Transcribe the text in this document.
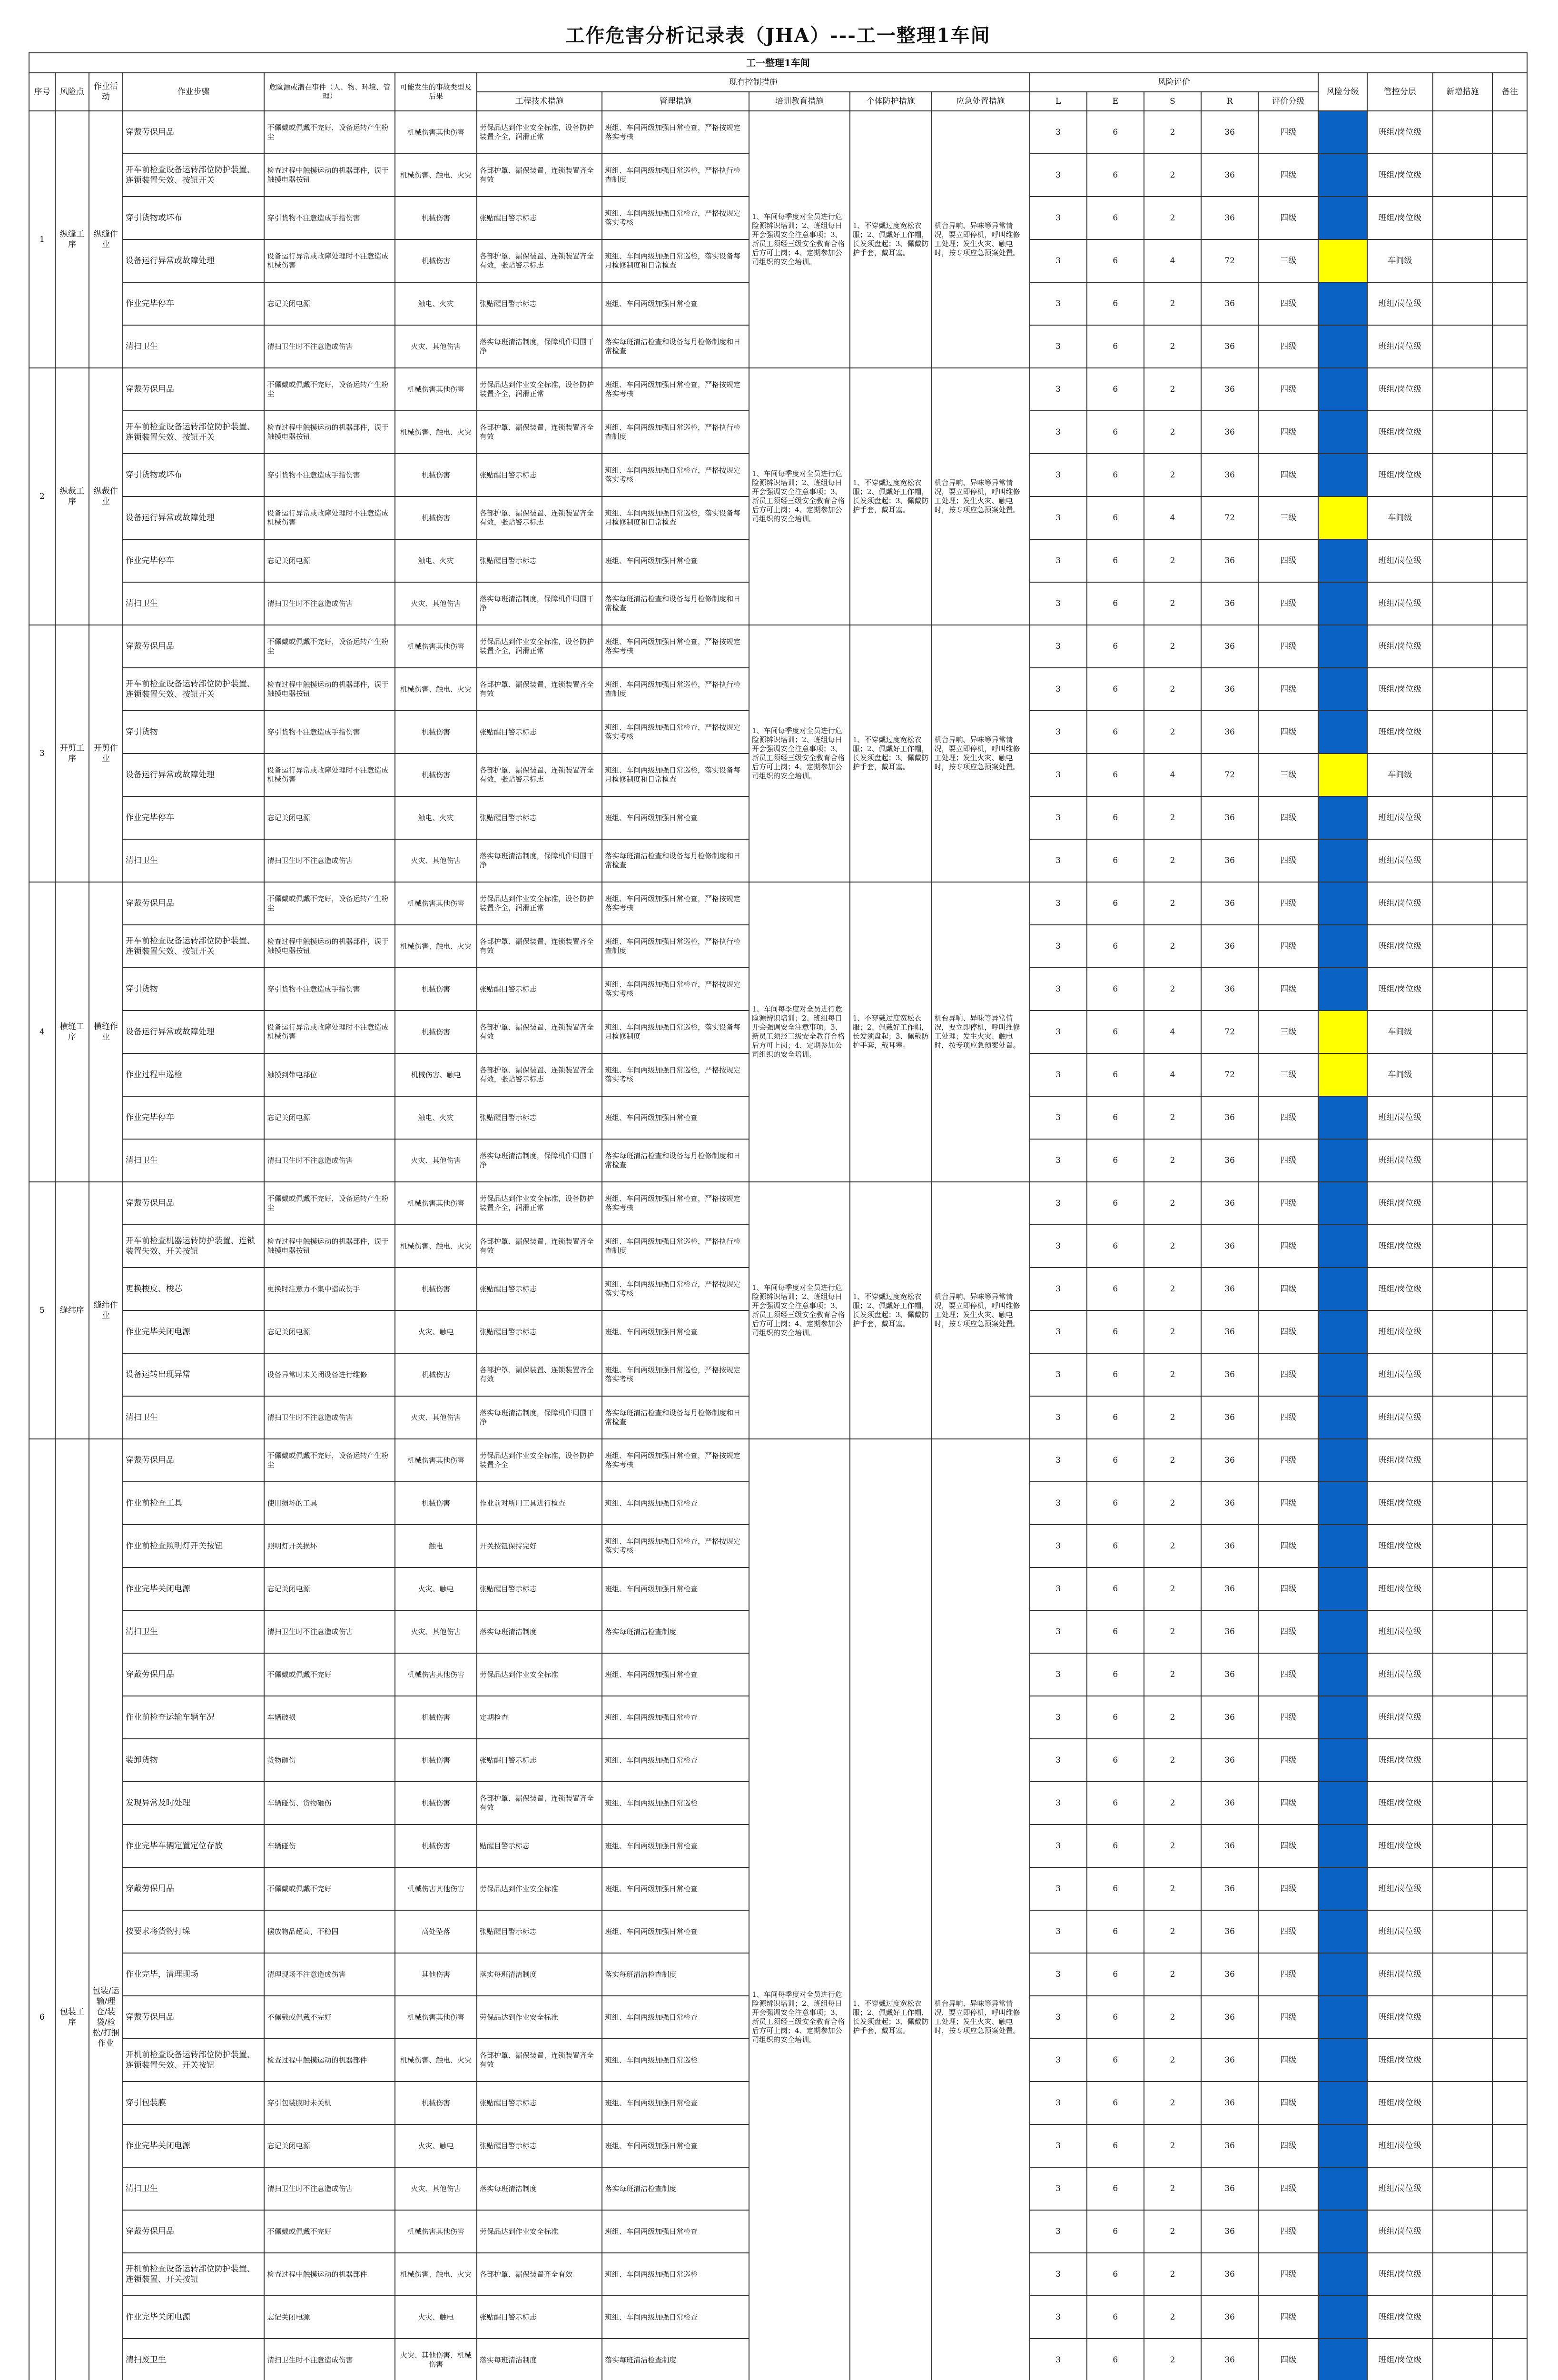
工作危害分析记录表（JHA）---工一整理1车间
工一整理1车间																			
序号	风险点	作业活动	作业步骤	危险源或潜在事件（人、物、环境、管理）	可能发生的事故类型及后果	现有控制措施					风险评价					风险分级	管控分层	新增措施	备注
						工程技术措施	管理措施	培训教育措施	个体防护措施	应急处置措施	L	E	S	R	评价分级				
1	纵缝工序	纵缝作业	穿戴劳保用品	不佩戴或佩戴不完好，设备运转产生粉尘	机械伤害其他伤害	劳保品达到作业安全标准，设备防护装置齐全，润滑正常	班组、车间两级加强日常检查，严格按规定落实考核	1、车间每季度对全员进行危险源辨识培训；2、班组每日开会强调安全注意事项；3、新员工须经三级安全教育合格后方可上岗；4、定期参加公司组织的安全培训。	1、不穿戴过度宽松衣服；2、佩戴好工作帽，长发须盘起；3、佩戴防护手套，戴耳塞。	机台异响、异味等异常情况，要立即停机，呼叫维修工处理；发生火灾、触电时，按专项应急预案处置。	3	6	2	36	四级		班组/岗位级		
			开车前检查设备运转部位防护装置、连锁装置失效、按钮开关	检查过程中触摸运动的机器部件，误于触摸电器按钮	机械伤害、触电、火灾	各部护罩、漏保装置、连锁装置齐全有效	班组、车间两级加强日常巡检，严格执行检查制度				3	6	2	36	四级		班组/岗位级		
			穿引货物或坏布	穿引货物不注意造成手指伤害	机械伤害	张贴醒目警示标志	班组、车间两级加强日常检查，严格按规定落实考核				3	6	2	36	四级		班组/岗位级		
			设备运行异常或故障处理	设备运行异常或故障处理时不注意造成机械伤害	机械伤害	各部护罩、漏保装置、连锁装置齐全有效，张贴警示标志	班组、车间两级加强日常巡检，落实设备每月检修制度和日常检查				3	6	4	72	三级		车间级		
			作业完毕停车	忘记关闭电源	触电、火灾	张贴醒目警示标志	班组、车间两级加强日常检查				3	6	2	36	四级		班组/岗位级		
			清扫卫生	清扫卫生时不注意造成伤害	火灾、其他伤害	落实每班清洁制度，保障机件周围干净	落实每班清洁检查和设备每月检修制度和日常检查				3	6	2	36	四级		班组/岗位级		
2	纵裁工序	纵裁作业	穿戴劳保用品	不佩戴或佩戴不完好，设备运转产生粉尘	机械伤害其他伤害	劳保品达到作业安全标准，设备防护装置齐全，润滑正常	班组、车间两级加强日常检查，严格按规定落实考核	1、车间每季度对全员进行危险源辨识培训；2、班组每日开会强调安全注意事项；3、新员工须经三级安全教育合格后方可上岗；4、定期参加公司组织的安全培训。	1、不穿戴过度宽松衣服；2、佩戴好工作帽，长发须盘起；3、佩戴防护手套，戴耳塞。	机台异响、异味等异常情况，要立即停机，呼叫维修工处理；发生火灾、触电时，按专项应急预案处置。	3	6	2	36	四级		班组/岗位级		
			开车前检查设备运转部位防护装置、连锁装置失效、按钮开关	检查过程中触摸运动的机器部件，误于触摸电器按钮	机械伤害、触电、火灾	各部护罩、漏保装置、连锁装置齐全有效	班组、车间两级加强日常巡检，严格执行检查制度				3	6	2	36	四级		班组/岗位级		
			穿引货物或坏布	穿引货物不注意造成手指伤害	机械伤害	张贴醒目警示标志	班组、车间两级加强日常检查，严格按规定落实考核				3	6	2	36	四级		班组/岗位级		
			设备运行异常或故障处理	设备运行异常或故障处理时不注意造成机械伤害	机械伤害	各部护罩、漏保装置、连锁装置齐全有效，张贴警示标志	班组、车间两级加强日常巡检，落实设备每月检修制度和日常检查				3	6	4	72	三级		车间级		
			作业完毕停车	忘记关闭电源	触电、火灾	张贴醒目警示标志	班组、车间两级加强日常检查				3	6	2	36	四级		班组/岗位级		
			清扫卫生	清扫卫生时不注意造成伤害	火灾、其他伤害	落实每班清洁制度，保障机件周围干净	落实每班清洁检查和设备每月检修制度和日常检查				3	6	2	36	四级		班组/岗位级		
3	开剪工序	开剪作业	穿戴劳保用品	不佩戴或佩戴不完好，设备运转产生粉尘	机械伤害其他伤害	劳保品达到作业安全标准，设备防护装置齐全，润滑正常	班组、车间两级加强日常检查，严格按规定落实考核	1、车间每季度对全员进行危险源辨识培训；2、班组每日开会强调安全注意事项；3、新员工须经三级安全教育合格后方可上岗；4、定期参加公司组织的安全培训。	1、不穿戴过度宽松衣服；2、佩戴好工作帽，长发须盘起；3、佩戴防护手套，戴耳塞。	机台异响、异味等异常情况，要立即停机，呼叫维修工处理；发生火灾、触电时，按专项应急预案处置。	3	6	2	36	四级		班组/岗位级		
			开车前检查设备运转部位防护装置、连锁装置失效、按钮开关	检查过程中触摸运动的机器部件，误于触摸电器按钮	机械伤害、触电、火灾	各部护罩、漏保装置、连锁装置齐全有效	班组、车间两级加强日常巡检，严格执行检查制度				3	6	2	36	四级		班组/岗位级		
			穿引货物	穿引货物不注意造成手指伤害	机械伤害	张贴醒目警示标志	班组、车间两级加强日常检查，严格按规定落实考核				3	6	2	36	四级		班组/岗位级		
			设备运行异常或故障处理	设备运行异常或故障处理时不注意造成机械伤害	机械伤害	各部护罩、漏保装置、连锁装置齐全有效，张贴警示标志	班组、车间两级加强日常巡检，落实设备每月检修制度和日常检查				3	6	4	72	三级		车间级		
			作业完毕停车	忘记关闭电源	触电、火灾	张贴醒目警示标志	班组、车间两级加强日常检查				3	6	2	36	四级		班组/岗位级		
			清扫卫生	清扫卫生时不注意造成伤害	火灾、其他伤害	落实每班清洁制度，保障机件周围干净	落实每班清洁检查和设备每月检修制度和日常检查				3	6	2	36	四级		班组/岗位级		
4	横缝工序	横缝作业	穿戴劳保用品	不佩戴或佩戴不完好，设备运转产生粉尘	机械伤害其他伤害	劳保品达到作业安全标准，设备防护装置齐全，润滑正常	班组、车间两级加强日常检查，严格按规定落实考核	1、车间每季度对全员进行危险源辨识培训；2、班组每日开会强调安全注意事项；3、新员工须经三级安全教育合格后方可上岗；4、定期参加公司组织的安全培训。	1、不穿戴过度宽松衣服；2、佩戴好工作帽，长发须盘起；3、佩戴防护手套，戴耳塞。	机台异响、异味等异常情况，要立即停机，呼叫维修工处理；发生火灾、触电时，按专项应急预案处置。	3	6	2	36	四级		班组/岗位级		
			开车前检查设备运转部位防护装置、连锁装置失效、按钮开关	检查过程中触摸运动的机器部件，误于触摸电器按钮	机械伤害、触电、火灾	各部护罩、漏保装置、连锁装置齐全有效	班组、车间两级加强日常巡检，严格执行检查制度				3	6	2	36	四级		班组/岗位级		
			穿引货物	穿引货物不注意造成手指伤害	机械伤害	张贴醒目警示标志	班组、车间两级加强日常检查，严格按规定落实考核				3	6	2	36	四级		班组/岗位级		
			设备运行异常或故障处理	设备运行异常或故障处理时不注意造成机械伤害	机械伤害	各部护罩、漏保装置、连锁装置齐全有效	班组、车间两级加强日常巡检，落实设备每月检修制度				3	6	4	72	三级		车间级		
			作业过程中巡检	触摸到带电部位	机械伤害、触电	各部护罩、漏保装置、连锁装置齐全有效，张贴警示标志	班组、车间两级加强日常巡检，严格按规定落实考核				3	6	4	72	三级		车间级		
			作业完毕停车	忘记关闭电源	触电、火灾	张贴醒目警示标志	班组、车间两级加强日常检查				3	6	2	36	四级		班组/岗位级		
			清扫卫生	清扫卫生时不注意造成伤害	火灾、其他伤害	落实每班清洁制度，保障机件周围干净	落实每班清洁检查和设备每月检修制度和日常检查				3	6	2	36	四级		班组/岗位级		
5	缝纬序	缝纬作业	穿戴劳保用品	不佩戴或佩戴不完好，设备运转产生粉尘	机械伤害其他伤害	劳保品达到作业安全标准，设备防护装置齐全，润滑正常	班组、车间两级加强日常检查，严格按规定落实考核	1、车间每季度对全员进行危险源辨识培训；2、班组每日开会强调安全注意事项；3、新员工须经三级安全教育合格后方可上岗；4、定期参加公司组织的安全培训。	1、不穿戴过度宽松衣服；2、佩戴好工作帽，长发须盘起；3、佩戴防护手套，戴耳塞。	机台异响、异味等异常情况，要立即停机，呼叫维修工处理；发生火灾、触电时，按专项应急预案处置。	3	6	2	36	四级		班组/岗位级		
			开车前检查机器运转防护装置、连锁装置失效、开关按钮	检查过程中触摸运动的机器部件，误于触摸电器按钮	机械伤害、触电、火灾	各部护罩、漏保装置、连锁装置齐全有效	班组、车间两级加强日常巡检，严格执行检查制度				3	6	2	36	四级		班组/岗位级		
			更换梭皮、梭芯	更换时注意力不集中造成伤手	机械伤害	张贴醒目警示标志	班组、车间两级加强日常检查，严格按规定落实考核				3	6	2	36	四级		班组/岗位级		
			作业完毕关闭电源	忘记关闭电源	火灾、触电	张贴醒目警示标志	班组、车间两级加强日常检查				3	6	2	36	四级		班组/岗位级		
			设备运转出现异常	设备异常时未关闭设备进行维修	机械伤害	各部护罩、漏保装置、连锁装置齐全有效	班组、车间两级加强日常巡检，严格按规定落实考核				3	6	2	36	四级		班组/岗位级		
			清扫卫生	清扫卫生时不注意造成伤害	火灾、其他伤害	落实每班清洁制度，保障机件周围干净	落实每班清洁检查和设备每月检修制度和日常检查				3	6	2	36	四级		班组/岗位级		
6	包装工序	包装/运输/理仓/装袋/检松/打捆作业	穿戴劳保用品	不佩戴或佩戴不完好，设备运转产生粉尘	机械伤害其他伤害	劳保品达到作业安全标准，设备防护装置齐全	班组、车间两级加强日常检查，严格按规定落实考核	1、车间每季度对全员进行危险源辨识培训；2、班组每日开会强调安全注意事项；3、新员工须经三级安全教育合格后方可上岗；4、定期参加公司组织的安全培训。	1、不穿戴过度宽松衣服；2、佩戴好工作帽，长发须盘起；3、佩戴防护手套，戴耳塞。	机台异响、异味等异常情况，要立即停机，呼叫维修工处理；发生火灾、触电时，按专项应急预案处置。	3	6	2	36	四级		班组/岗位级		
			作业前检查工具	使用损坏的工具	机械伤害	作业前对所用工具进行检查	班组、车间两级加强日常检查				3	6	2	36	四级		班组/岗位级		
			作业前检查照明灯开关按钮	照明灯开关损坏	触电	开关按钮保持完好	班组、车间两级加强日常检查，严格按规定落实考核				3	6	2	36	四级		班组/岗位级		
			作业完毕关闭电源	忘记关闭电源	火灾、触电	张贴醒目警示标志	班组、车间两级加强日常检查				3	6	2	36	四级		班组/岗位级		
			清扫卫生	清扫卫生时不注意造成伤害	火灾、其他伤害	落实每班清洁制度	落实每班清洁检查制度				3	6	2	36	四级		班组/岗位级		
			穿戴劳保用品	不佩戴或佩戴不完好	机械伤害其他伤害	劳保品达到作业安全标准	班组、车间两级加强日常检查				3	6	2	36	四级		班组/岗位级		
			作业前检查运输车辆车况	车辆破损	机械伤害	定期检查	班组、车间两级加强日常检查				3	6	2	36	四级		班组/岗位级		
			装卸货物	货物砸伤	机械伤害	张贴醒目警示标志	班组、车间两级加强日常检查				3	6	2	36	四级		班组/岗位级		
			发现异常及时处理	车辆碰伤、货物砸伤	机械伤害	各部护罩、漏保装置、连锁装置齐全有效	班组、车间两级加强日常巡检				3	6	2	36	四级		班组/岗位级		
			作业完毕车辆定置定位存放	车辆碰伤	机械伤害	贴醒目警示标志	班组、车间两级加强日常检查				3	6	2	36	四级		班组/岗位级		
			穿戴劳保用品	不佩戴或佩戴不完好	机械伤害其他伤害	劳保品达到作业安全标准	班组、车间两级加强日常检查				3	6	2	36	四级		班组/岗位级		
			按要求将货物打垛	摆放物品超高，不稳固	高处坠落	张贴醒目警示标志	班组、车间两级加强日常检查				3	6	2	36	四级		班组/岗位级		
			作业完毕，清理现场	清理现场不注意造成伤害	其他伤害	落实每班清洁制度	落实每班清洁检查制度				3	6	2	36	四级		班组/岗位级		
			穿戴劳保用品	不佩戴或佩戴不完好	机械伤害其他伤害	劳保品达到作业安全标准	班组、车间两级加强日常检查				3	6	2	36	四级		班组/岗位级		
			开机前检查设备运转部位防护装置、连锁装置失效、开关按钮	检查过程中触摸运动的机器部件	机械伤害、触电、火灾	各部护罩、漏保装置、连锁装置齐全有效	班组、车间两级加强日常巡检				3	6	2	36	四级		班组/岗位级		
			穿引包装膜	穿引包装膜时未关机	机械伤害	张贴醒目警示标志	班组、车间两级加强日常检查				3	6	2	36	四级		班组/岗位级		
			作业完毕关闭电源	忘记关闭电源	火灾、触电	张贴醒目警示标志	班组、车间两级加强日常检查				3	6	2	36	四级		班组/岗位级		
			清扫卫生	清扫卫生时不注意造成伤害	火灾、其他伤害	落实每班清洁制度	落实每班清洁检查制度				3	6	2	36	四级		班组/岗位级		
			穿戴劳保用品	不佩戴或佩戴不完好	机械伤害其他伤害	劳保品达到作业安全标准	班组、车间两级加强日常检查				3	6	2	36	四级		班组/岗位级		
			开机前检查设备运转部位防护装置、连锁装置、开关按钮	检查过程中触摸运动的机器部件	机械伤害、触电、火灾	各部护罩、漏保装置齐全有效	班组、车间两级加强日常巡检				3	6	2	36	四级		班组/岗位级		
			作业完毕关闭电源	忘记关闭电源	火灾、触电	张贴醒目警示标志	班组、车间两级加强日常检查				3	6	2	36	四级		班组/岗位级		
			清扫废卫生	清扫卫生时不注意造成伤害	火灾、其他伤害、机械伤害	落实每班清洁制度	落实每班清洁检查制度				3	6	2	36	四级		班组/岗位级		
